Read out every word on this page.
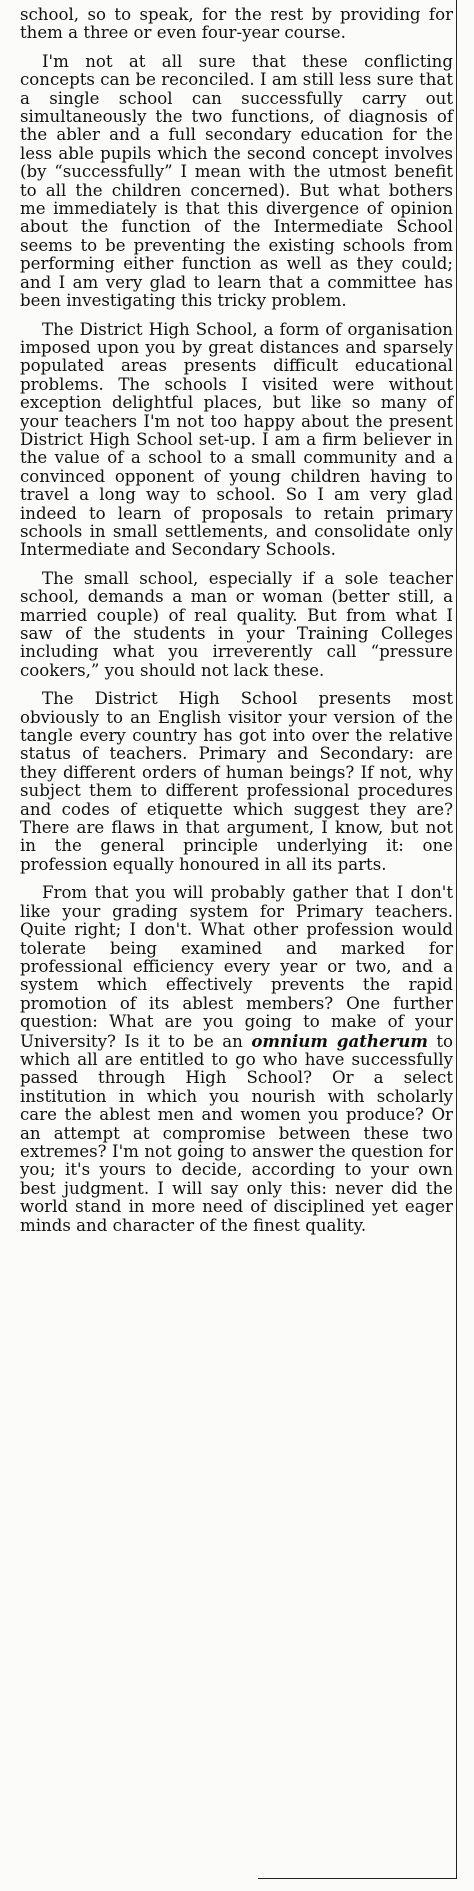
school, so to speak, for the rest by providing for them a three or even four-year course.

I'm not at all sure that these conflicting concepts can be reconciled. I am still less sure that a single school can successfully carry out simultaneously the two functions, of diagnosis of the abler and a full secondary education for the less able pupils which the second concept involves (by “successfully” I mean with the utmost benefit to all the children concerned). But what bothers me immediately is that this divergence of opinion about the function of the Intermediate School seems to be preventing the existing schools from performing either function as well as they could; and I am very glad to learn that a committee has been investigating this tricky problem.

The District High School, a form of organisation imposed upon you by great distances and sparsely populated areas presents difficult educational problems. The schools I visited were without exception delightful places, but like so many of your teachers I'm not too happy about the present District High School set-up. I am a firm believer in the value of a school to a small community and a convinced opponent of young children having to travel a long way to school. So I am very glad indeed to learn of proposals to retain primary schools in small settlements, and consolidate only Intermediate and Secondary Schools.

The small school, especially if a sole teacher school, demands a man or woman (better still, a married couple) of real quality. But from what I saw of the students in your Training Colleges including what you irreverently call “pressure cookers,” you should not lack these.

The District High School presents most obviously to an English visitor your version of the tangle every country has got into over the relative status of teachers. Primary and Secondary: are they different orders of human beings? If not, why subject them to different professional procedures and codes of etiquette which suggest they are? There are flaws in that argument, I know, but not in the general principle underlying it: one profession equally honoured in all its parts.

From that you will probably gather that I don't like your grading system for Primary teachers. Quite right; I don't. What other profession would tolerate being examined and marked for professional efficiency every year or two, and a system which effectively prevents the rapid promotion of its ablest members? One further question: What are you going to make of your University? Is it to be an omnium gatherum to which all are entitled to go who have successfully passed through High School? Or a select institution in which you nourish with scholarly care the ablest men and women you produce? Or an attempt at compromise between these two extremes? I'm not going to answer the question for you; it's yours to decide, according to your own best judgment. I will say only this: never did the world stand in more need of disciplined yet eager minds and character of the finest quality.
